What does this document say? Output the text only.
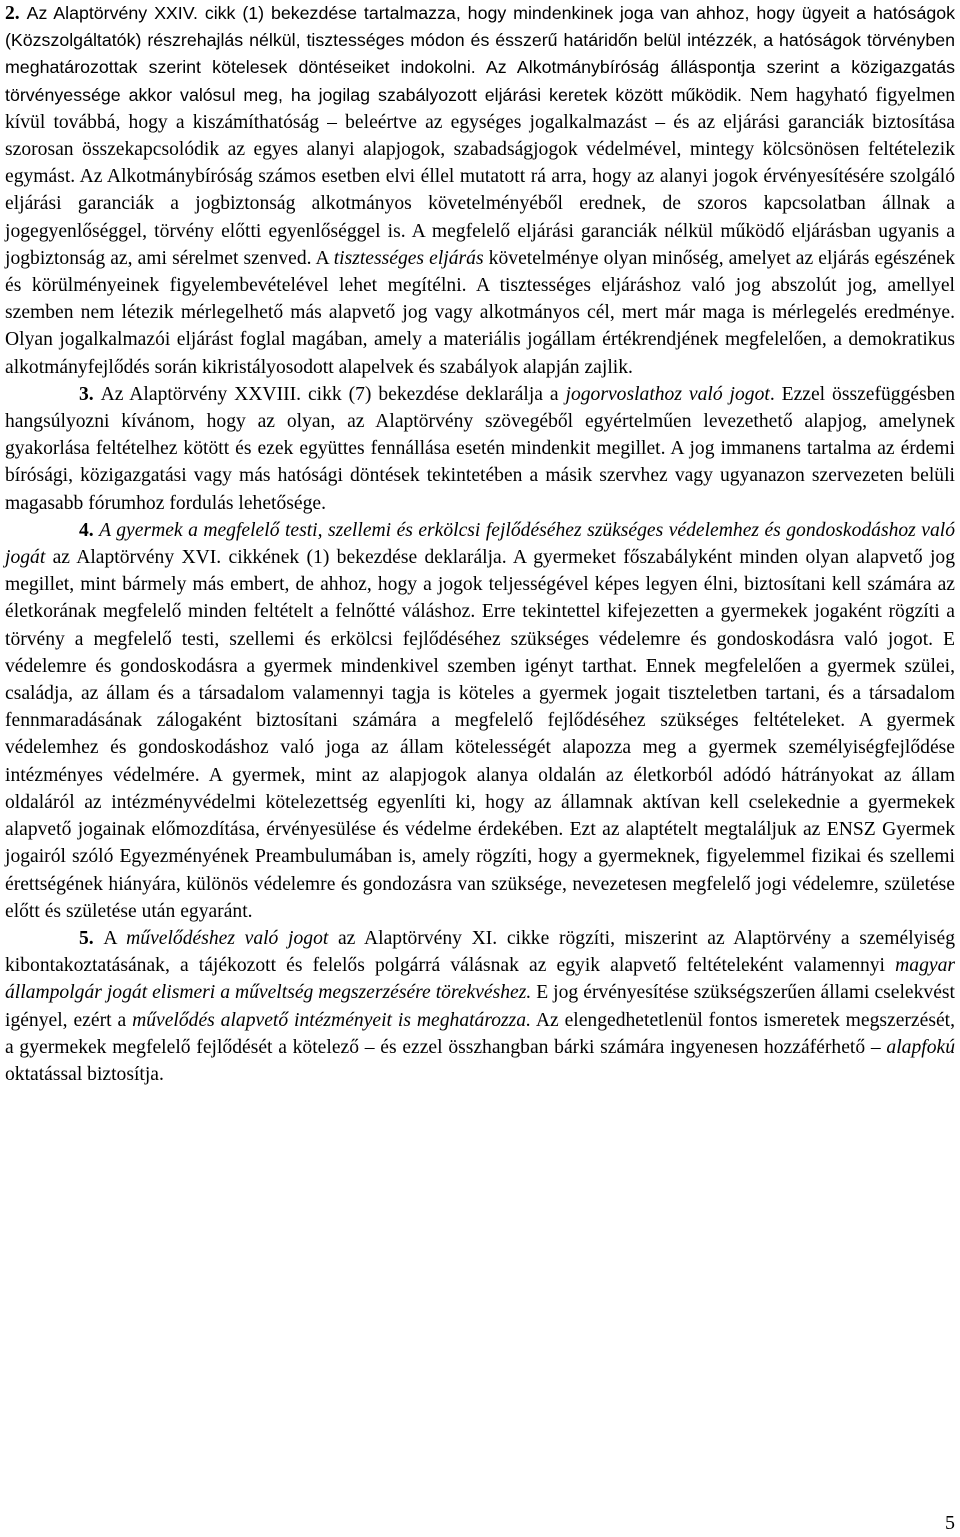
2. Az Alaptörvény XXIV. cikk (1) bekezdése tartalmazza, hogy mindenkinek joga van ahhoz, hogy ügyeit a hatóságok (Közszolgáltatók) részrehajlás nélkül, tisztességes módon és ésszerű határidőn belül intézzék, a hatóságok törvényben meghatározottak szerint kötelesek döntéseiket indokolni. Az Alkotmánybíróság álláspontja szerint a közigazgatás törvényessége akkor valósul meg, ha jogilag szabályozott eljárási keretek között működik. Nem hagyható figyelmen kívül továbbá, hogy a kiszámíthatóság – beleértve az egységes jogalkalmazást – és az eljárási garanciák biztosítása szorosan összekapcsolódik az egyes alanyi alapjogok, szabadságjogok védelmével, mintegy kölcsönösen feltételezik egymást. Az Alkotmánybíróság számos esetben elvi éllel mutatott rá arra, hogy az alanyi jogok érvényesítésére szolgáló eljárási garanciák a jogbiztonság alkotmányos követelményéből erednek, de szoros kapcsolatban állnak a jogegyenlőséggel, törvény előtti egyenlőséggel is. A megfelelő eljárási garanciák nélkül működő eljárásban ugyanis a jogbiztonság az, ami sérelmet szenved. A tisztességes eljárás követelménye olyan minőség, amelyet az eljárás egészének és körülményeinek figyelembevételével lehet megítélni. A tisztességes eljáráshoz való jog abszolút jog, amellyel szemben nem létezik mérlegelhető más alapvető jog vagy alkotmányos cél, mert már maga is mérlegelés eredménye. Olyan jogalkalmazói eljárást foglal magában, amely a materiális jogállam értékrendjének megfelelően, a demokratikus alkotmányfejlődés során kikristályosodott alapelvek és szabályok alapján zajlik.

3. Az Alaptörvény XXVIII. cikk (7) bekezdése deklarálja a jogorvoslathoz való jogot. Ezzel összefüggésben hangsúlyozni kívánom, hogy az olyan, az Alaptörvény szövegéből egyértelműen levezethető alapjog, amelynek gyakorlása feltételhez kötött és ezek együttes fennállása esetén mindenkit megillet. A jog immanens tartalma az érdemi bírósági, közigazgatási vagy más hatósági döntések tekintetében a másik szervhez vagy ugyanazon szervezeten belüli magasabb fórumhoz fordulás lehetősége.

4. A gyermek a megfelelő testi, szellemi és erkölcsi fejlődéséhez szükséges védelemhez és gondoskodáshoz való jogát az Alaptörvény XVI. cikkének (1) bekezdése deklarálja. A gyermeket főszabályként minden olyan alapvető jog megillet, mint bármely más embert, de ahhoz, hogy a jogok teljességével képes legyen élni, biztosítani kell számára az életkorának megfelelő minden feltételt a felnőtté váláshoz. Erre tekintettel kifejezetten a gyermekek jogaként rögzíti a törvény a megfelelő testi, szellemi és erkölcsi fejlődéséhez szükséges védelemre és gondoskodásra való jogot. E védelemre és gondoskodásra a gyermek mindenkivel szemben igényt tarthat. Ennek megfelelően a gyermek szülei, családja, az állam és a társadalom valamennyi tagja is köteles a gyermek jogait tiszteletben tartani, és a társadalom fennmaradásának zálogaként biztosítani számára a megfelelő fejlődéséhez szükséges feltételeket. A gyermek védelemhez és gondoskodáshoz való joga az állam kötelességét alapozza meg a gyermek személyiségfejlődése intézményes védelmére. A gyermek, mint az alapjogok alanya oldalán az életkorból adódó hátrányokat az állam oldaláról az intézményvédelmi kötelezettség egyenlíti ki, hogy az államnak aktívan kell cselekednie a gyermekek alapvető jogainak előmozdítása, érvényesülése és védelme érdekében. Ezt az alaptételt megtaláljuk az ENSZ Gyermek jogairól szóló Egyezményének Preambulumában is, amely rögzíti, hogy a gyermeknek, figyelemmel fizikai és szellemi érettségének hiányára, különös védelemre és gondozásra van szüksége, nevezetesen megfelelő jogi védelemre, születése előtt és születése után egyaránt.

5. A művelődéshez való jogot az Alaptörvény XI. cikke rögzíti, miszerint az Alaptörvény a személyiség kibontakoztatásának, a tájékozott és felelős polgárrá válásnak az egyik alapvető feltételeként valamennyi magyar állampolgár jogát elismeri a műveltség megszerzésére törekvéshez. E jog érvényesítése szükségszerűen állami cselekvést igényel, ezért a művelődés alapvető intézményeit is meghatározza. Az elengedhetetlenül fontos ismeretek megszerzését, a gyermekek megfelelő fejlődését a kötelező – és ezzel összhangban bárki számára ingyenesen hozzáférhető – alapfokú oktatással biztosítja.

5
